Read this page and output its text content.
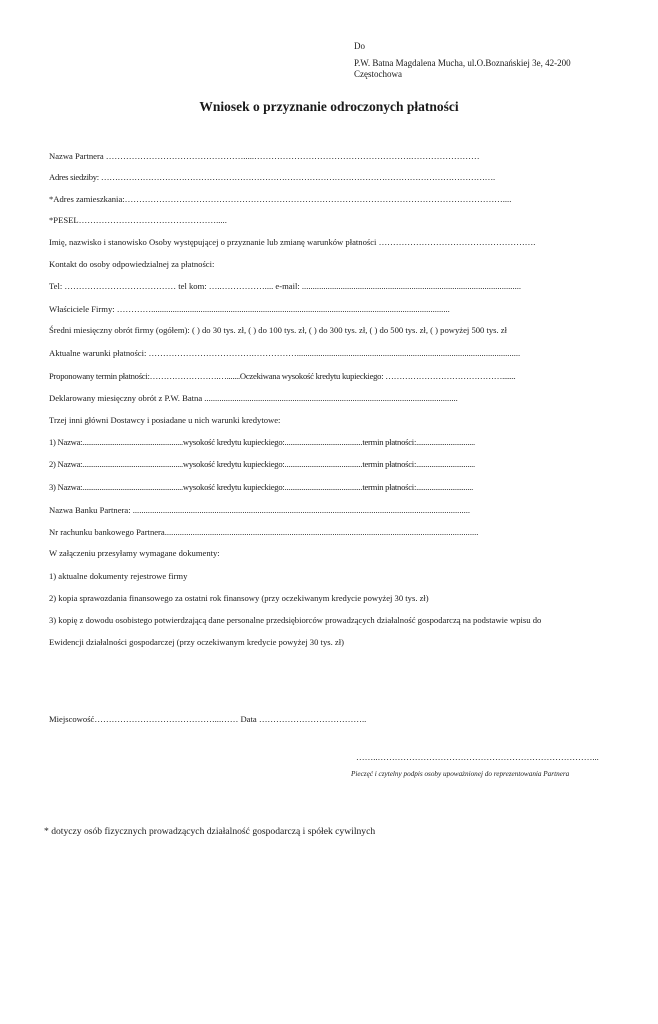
Do
P.W. Batna Magdalena Mucha, ul.O.Boznańskiej 3e, 42-200
Częstochowa
Wniosek o przyznanie odroczonych płatności
Nazwa Partnera ………………………………………….....……………………………………………….……………………
Adres siedziby: …………………………………………………………………………………………………………………………….
*Adres zamieszkania:……………………………………………………………………………………………………………………....
*PESEL………………………………………….....
Imię, nazwisko i stanowisko Osoby występującej o przyznanie lub zmianę warunków płatności ……………………………………………….
Kontakt do osoby odpowiedzialnej za płatności:
Tel: ………………………………… tel kom: …..…………….... e-mail: ......................................................................................................
Właściciele Firmy: …………...........................................................................................................................................
Średni miesięczny obrót firmy (ogółem): ( ) do 30 tys. zł, ( ) do 100 tys. zł, ( ) do 300 tys. zł, ( ) do 500 tys. zł, ( ) powyżej 500 tys. zł
Aktualne warunki płatności: ……………………………….……………........................................................................................................
Proponowany termin płatności:…………………….….......Oczekiwana wysokość kredytu kupieckiego: …………………………………….......
Deklarowany miesięczny obrót z P.W. Batna ......................................................................................................................
Trzej inni główni Dostawcy i posiadane u nich warunki kredytowe:
1) Nazwa:.....................................................wysokość kredytu kupieckiego:.........................................termin płatności:...............................
2) Nazwa:.....................................................wysokość kredytu kupieckiego:.........................................termin płatności:...............................
3) Nazwa:.....................................................wysokość kredytu kupieckiego:.........................................termin płatności:..............................
Nazwa Banku Partnera: .............................................................................................................................................................
Nr rachunku bankowego Partnera..................................................................................................................................................
W załączeniu przesyłamy wymagane dokumenty:
1) aktualne dokumenty rejestrowe firmy
2) kopia sprawozdania finansowego za ostatni rok finansowy (przy oczekiwanym kredycie powyżej 30 tys. zł)
3) kopię z dowodu osobistego potwierdzającą dane personalne przedsiębiorców prowadzących działalność gospodarczą na podstawie wpisu do
Ewidencji działalności gospodarczej (przy oczekiwanym kredycie powyżej 30 tys. zł)
Miejscowość……………………………………...…… Data ………………………………..
……..…………………………………………………………………...
Pieczęć i czytelny podpis osoby upoważnionej do reprezentowania Partnera
* dotyczy osób fizycznych prowadzących działalność gospodarczą i spółek cywilnych
